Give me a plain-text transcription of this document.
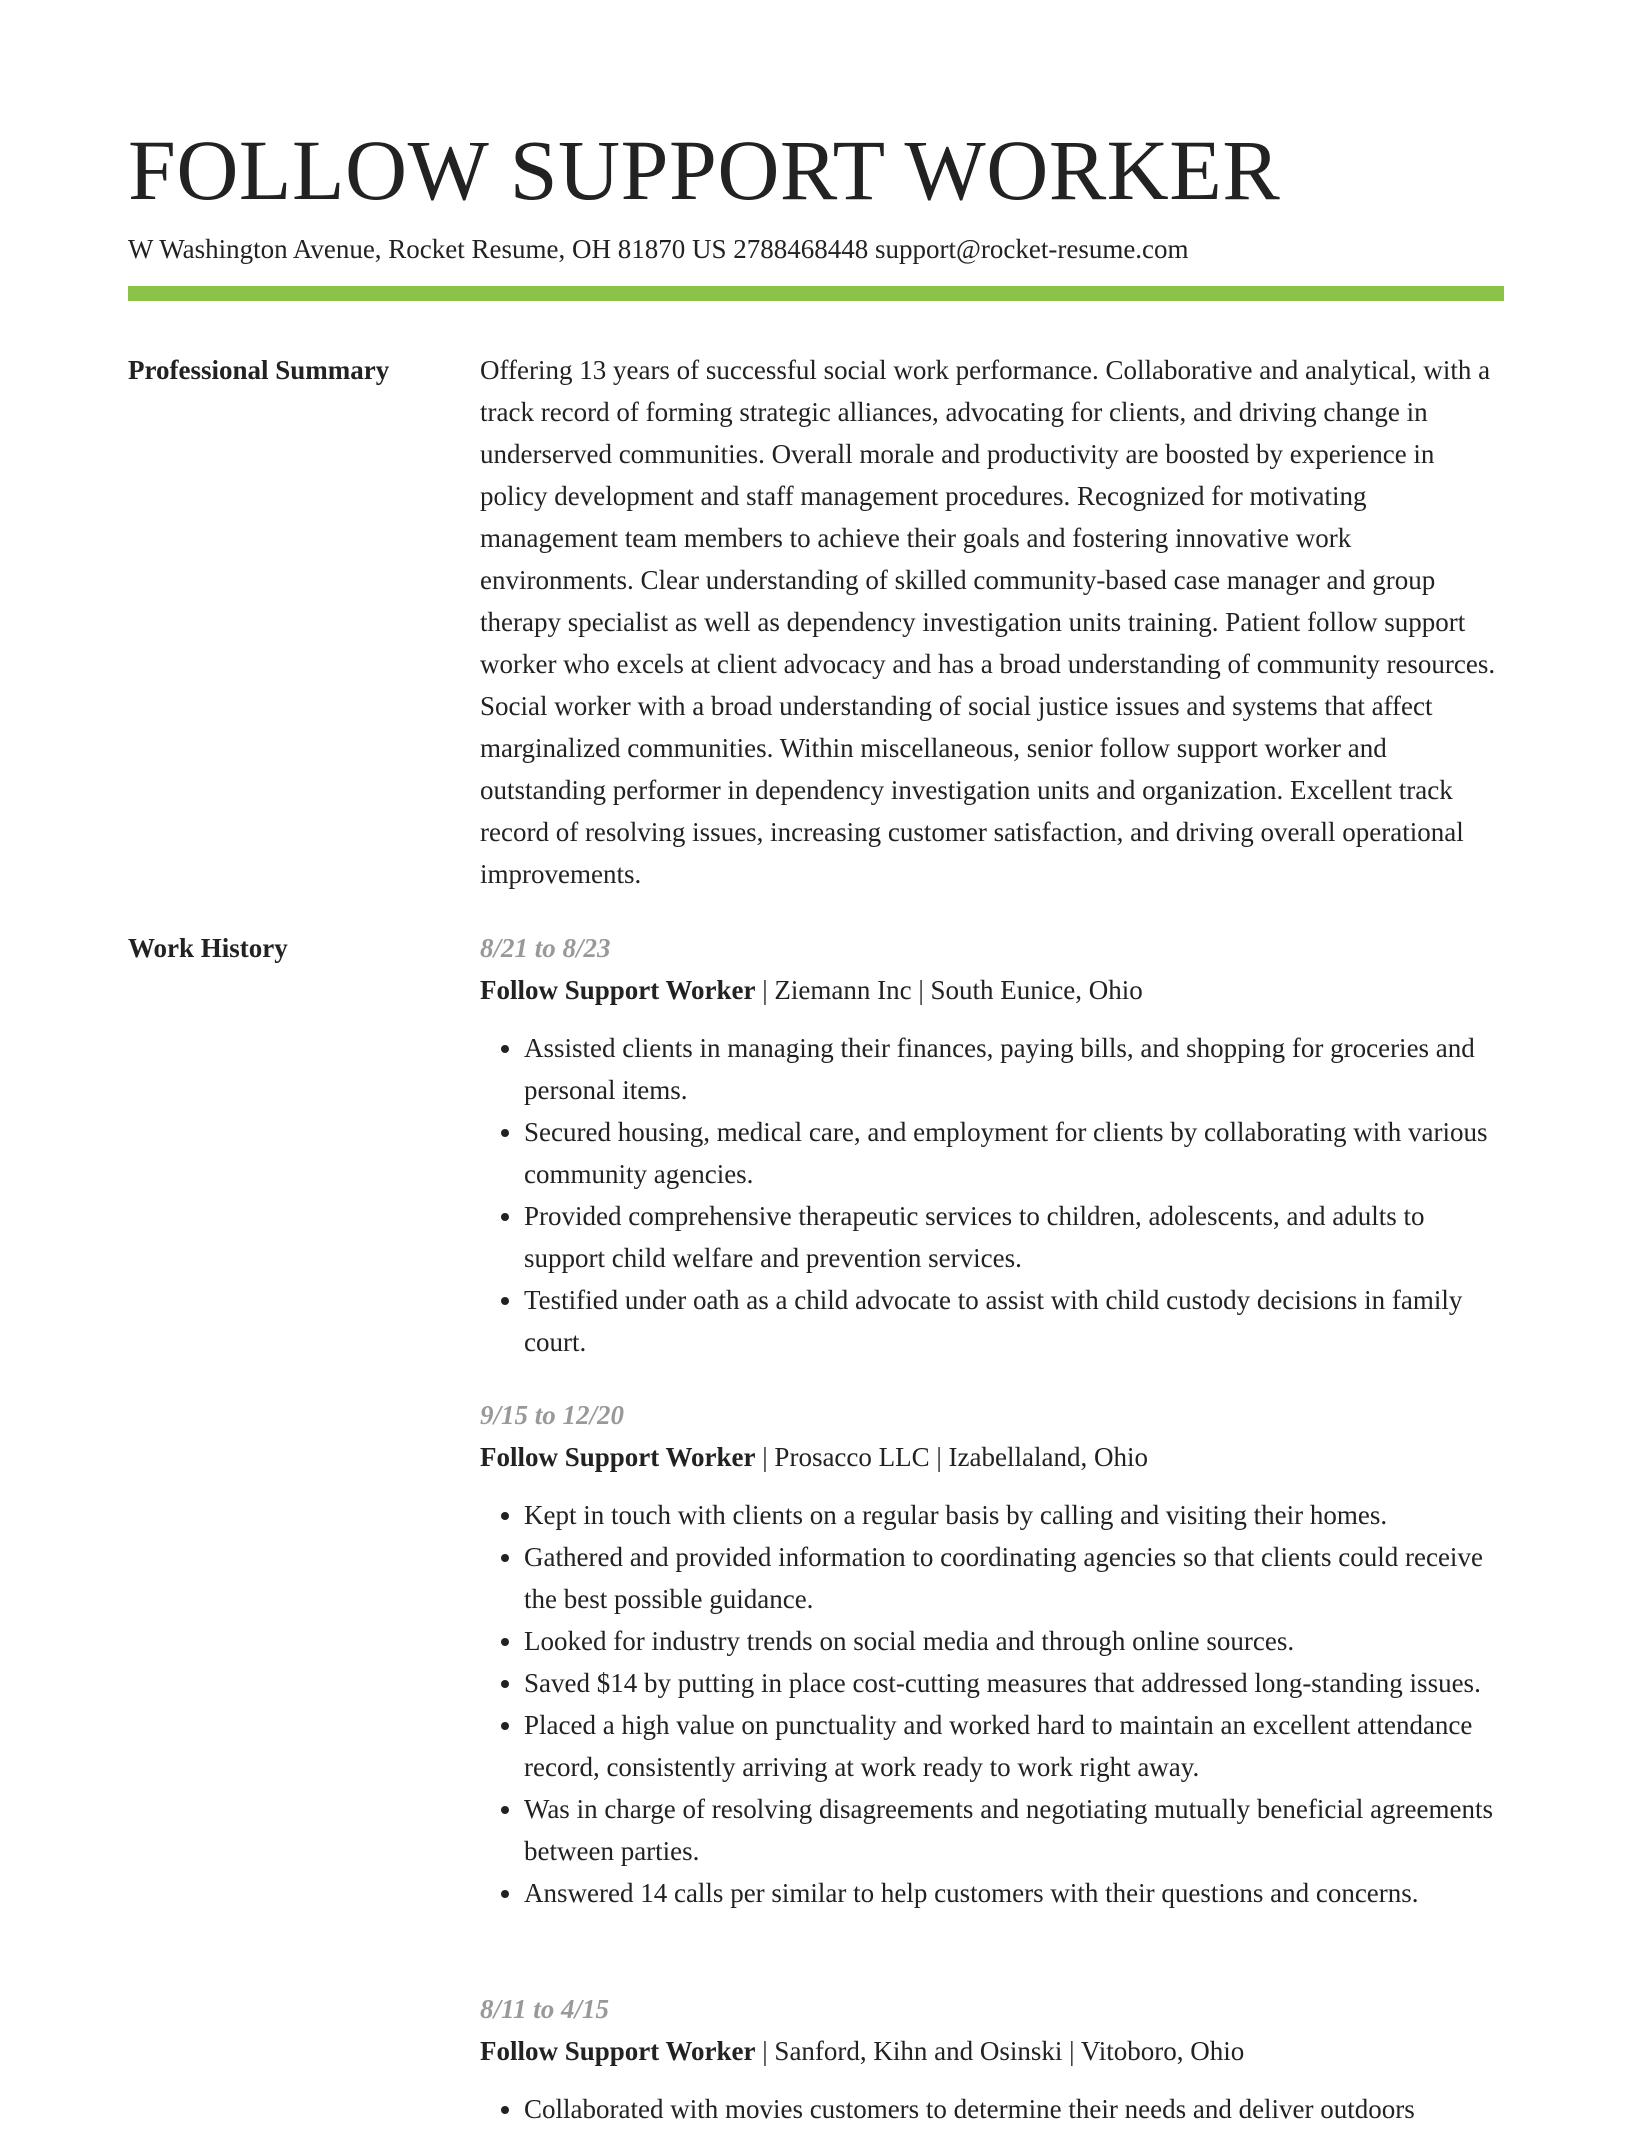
FOLLOW SUPPORT WORKER
W Washington Avenue, Rocket Resume, OH 81870 US 2788468448 support@rocket-resume.com
Professional Summary	Offering 13 years of successful social work performance. Collaborative and analytical, with a track record of forming strategic alliances, advocating for clients, and driving change in underserved communities. Overall morale and productivity are boosted by experience in policy development and staff management procedures. Recognized for motivating management team members to achieve their goals and fostering innovative work environments. Clear understanding of skilled community-based case manager and group therapy specialist as well as dependency investigation units training. Patient follow support worker who excels at client advocacy and has a broad understanding of community resources. Social worker with a broad understanding of social justice issues and systems that affect marginalized communities. Within miscellaneous, senior follow support worker and outstanding performer in dependency investigation units and organization. Excellent track record of resolving issues, increasing customer satisfaction, and driving overall operational improvements.

Work History	8/21 to 8/23

Follow Support Worker | Ziemann Inc | South Eunice, Ohio

• Assisted clients in managing their finances, paying bills, and shopping for groceries and personal items.
• Secured housing, medical care, and employment for clients by collaborating with various community agencies.
• Provided comprehensive therapeutic services to children, adolescents, and adults to support child welfare and prevention services.
• Testified under oath as a child advocate to assist with child custody decisions in family court.

9/15 to 12/20

Follow Support Worker | Prosacco LLC | Izabellaland, Ohio

• Kept in touch with clients on a regular basis by calling and visiting their homes.
• Gathered and provided information to coordinating agencies so that clients could receive the best possible guidance.
• Looked for industry trends on social media and through online sources.
• Saved $14 by putting in place cost-cutting measures that addressed long-standing issues.
• Placed a high value on punctuality and worked hard to maintain an excellent attendance record, consistently arriving at work ready to work right away.
• Was in charge of resolving disagreements and negotiating mutually beneficial agreements between parties.
• Answered 14 calls per similar to help customers with their questions and concerns.

8/11 to 4/15

Follow Support Worker | Sanford, Kihn and Osinski | Vitoboro, Ohio

• Collaborated with movies customers to determine their needs and deliver outdoors
